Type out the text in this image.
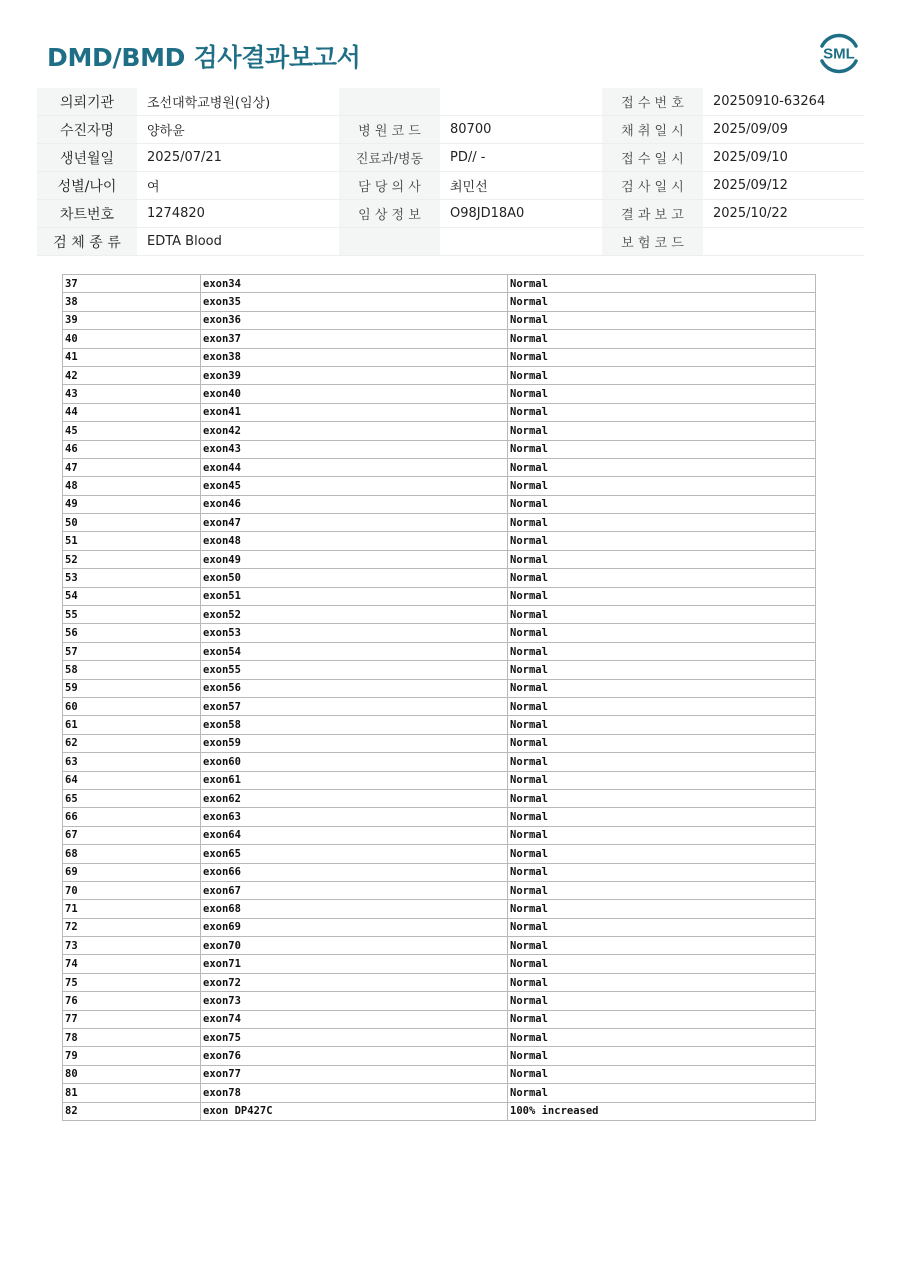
DMD/BMD 검사결과보고서	SML
의뢰기관	조선대학교병원(임상)			접 수 번 호	20250910-63264
수진자명	양하윤	병 원 코 드	80700	채 취 일 시	2025/09/09
생년월일	2025/07/21	진료과/병동	PD// -	접 수 일 시	2025/09/10
성별/나이	여	담 당 의 사	최민선	검 사 일 시	2025/09/12
차트번호	1274820	임 상 정 보	O98JD18A0	결 과 보 고	2025/10/22
검 체 종 류	EDTA Blood			보 험 코 드	
37	exon34	Normal
38	exon35	Normal
39	exon36	Normal
40	exon37	Normal
41	exon38	Normal
42	exon39	Normal
43	exon40	Normal
44	exon41	Normal
45	exon42	Normal
46	exon43	Normal
47	exon44	Normal
48	exon45	Normal
49	exon46	Normal
50	exon47	Normal
51	exon48	Normal
52	exon49	Normal
53	exon50	Normal
54	exon51	Normal
55	exon52	Normal
56	exon53	Normal
57	exon54	Normal
58	exon55	Normal
59	exon56	Normal
60	exon57	Normal
61	exon58	Normal
62	exon59	Normal
63	exon60	Normal
64	exon61	Normal
65	exon62	Normal
66	exon63	Normal
67	exon64	Normal
68	exon65	Normal
69	exon66	Normal
70	exon67	Normal
71	exon68	Normal
72	exon69	Normal
73	exon70	Normal
74	exon71	Normal
75	exon72	Normal
76	exon73	Normal
77	exon74	Normal
78	exon75	Normal
79	exon76	Normal
80	exon77	Normal
81	exon78	Normal
82	exon DP427C	100% increased
